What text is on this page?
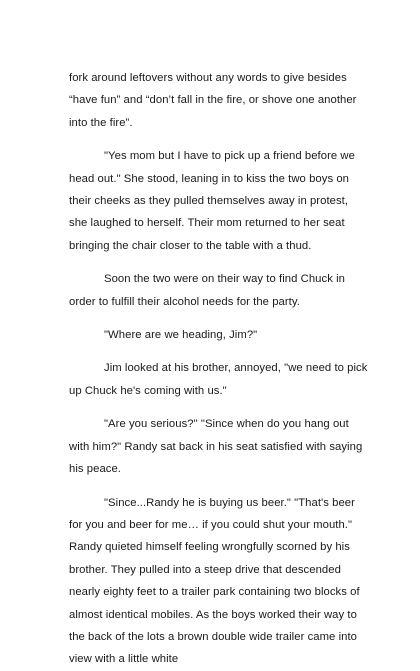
fork around leftovers without any words to give besides “have fun” and “don’t fall in the fire, or shove one another into the fire”.

"Yes mom but I have to pick up a friend before we head out." She stood, leaning in to kiss the two boys on their cheeks as they pulled themselves away in protest, she laughed to herself. Their mom returned to her seat bringing the chair closer to the table with a thud.

Soon the two were on their way to find Chuck in order to fulfill their alcohol needs for the party.

"Where are we heading, Jim?"

Jim looked at his brother, annoyed, "we need to pick up Chuck he's coming with us."

"Are you serious?" "Since when do you hang out with him?" Randy sat back in his seat satisfied with saying his peace.

"Since...Randy he is buying us beer." "That's beer for you and beer for me… if you could shut your mouth." Randy quieted himself feeling wrongfully scorned by his brother. They pulled into a steep drive that descended nearly eighty feet to a trailer park containing two blocks of almost identical mobiles. As the boys worked their way to the back of the lots a brown double wide trailer came into view with a little white
